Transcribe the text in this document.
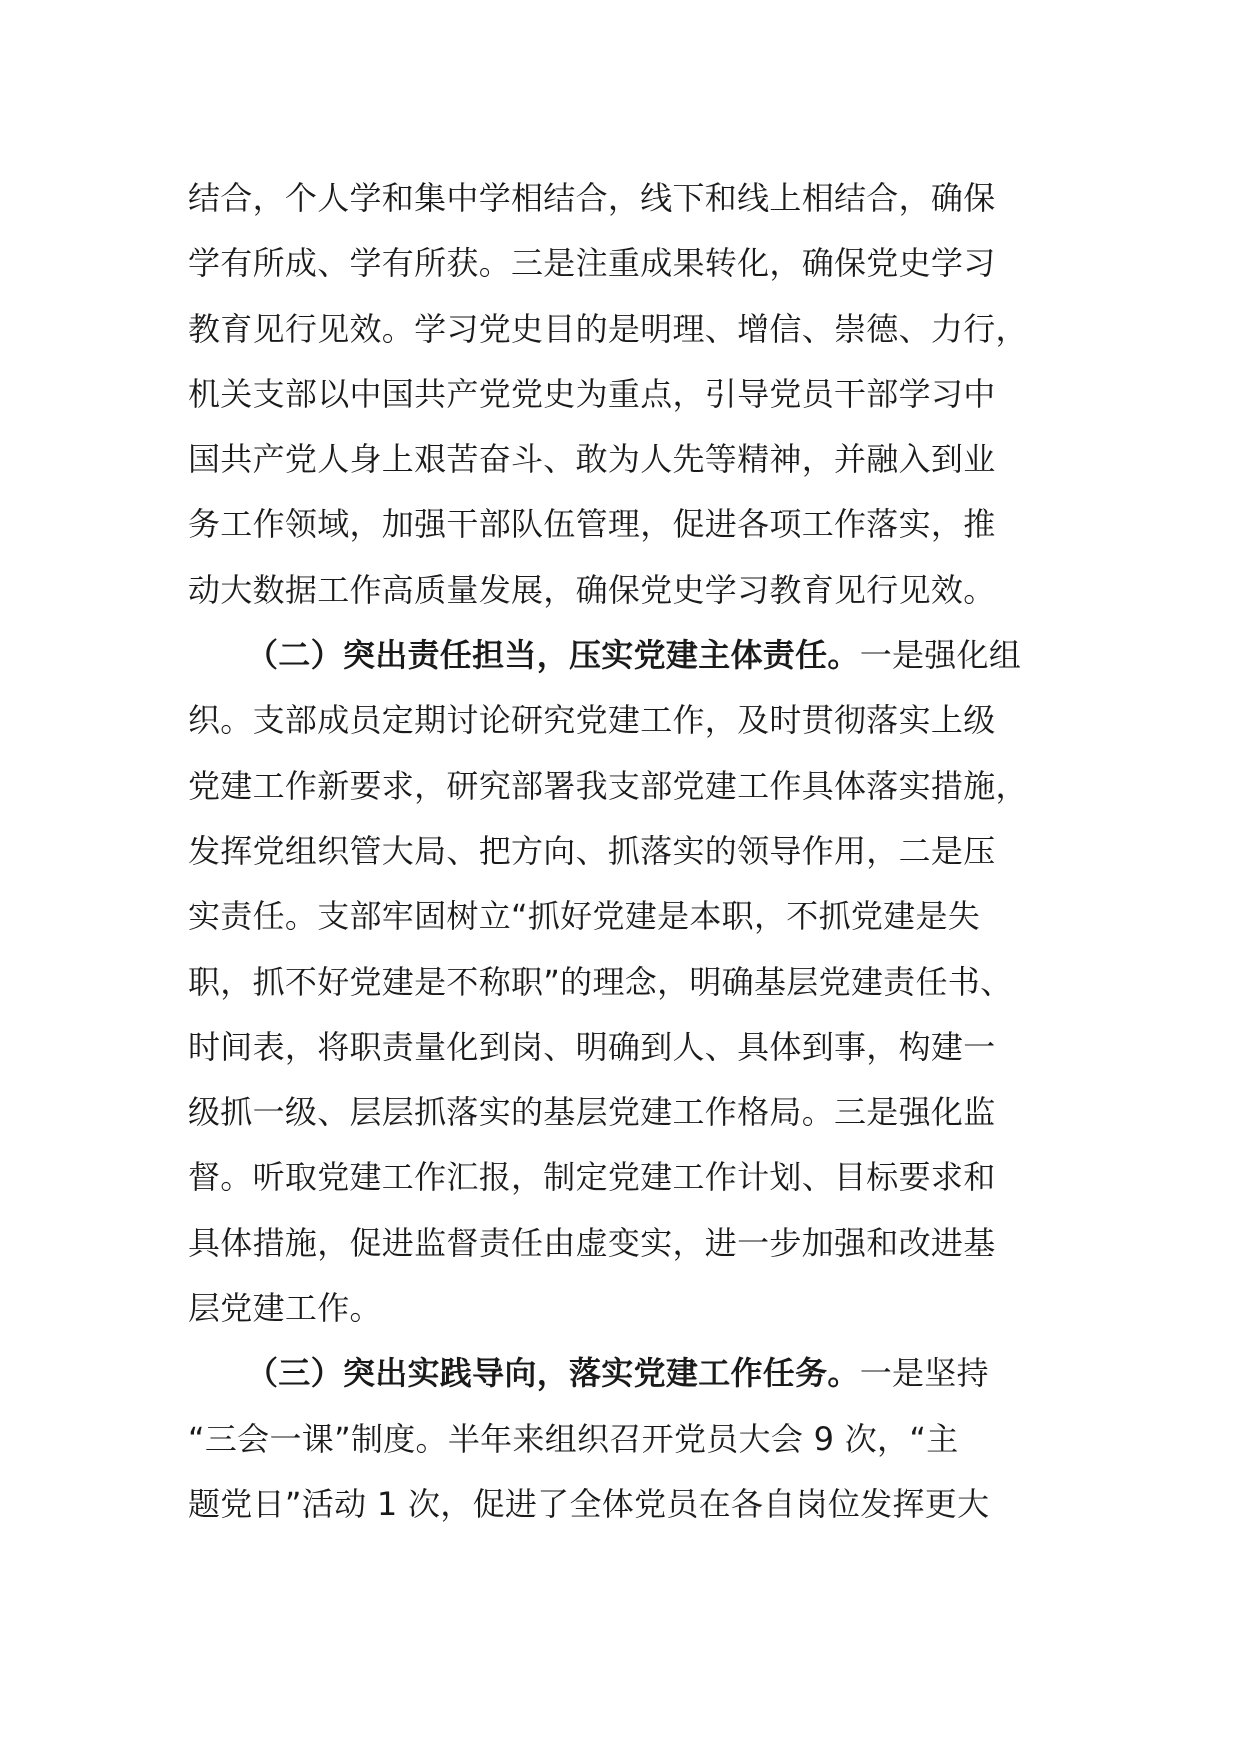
结合，个人学和集中学相结合，线下和线上相结合，确保
学有所成、学有所获。三是注重成果转化，确保党史学习
教育见行见效。学习党史目的是明理、增信、崇德、力行，
机关支部以中国共产党党史为重点，引导党员干部学习中
国共产党人身上艰苦奋斗、敢为人先等精神，并融入到业
务工作领域，加强干部队伍管理，促进各项工作落实，推
动大数据工作高质量发展，确保党史学习教育见行见效。
（二）突出责任担当，压实党建主体责任。一是强化组
织。支部成员定期讨论研究党建工作，及时贯彻落实上级
党建工作新要求，研究部署我支部党建工作具体落实措施，
发挥党组织管大局、把方向、抓落实的领导作用，二是压
实责任。支部牢固树立“抓好党建是本职，不抓党建是失
职，抓不好党建是不称职”的理念，明确基层党建责任书、
时间表，将职责量化到岗、明确到人、具体到事，构建一
级抓一级、层层抓落实的基层党建工作格局。三是强化监
督。听取党建工作汇报，制定党建工作计划、目标要求和
具体措施，促进监督责任由虚变实，进一步加强和改进基
层党建工作。
（三）突出实践导向，落实党建工作任务。一是坚持
“三会一课”制度。半年来组织召开党员大会 9 次，“主
题党日”活动 1 次，促进了全体党员在各自岗位发挥更大
